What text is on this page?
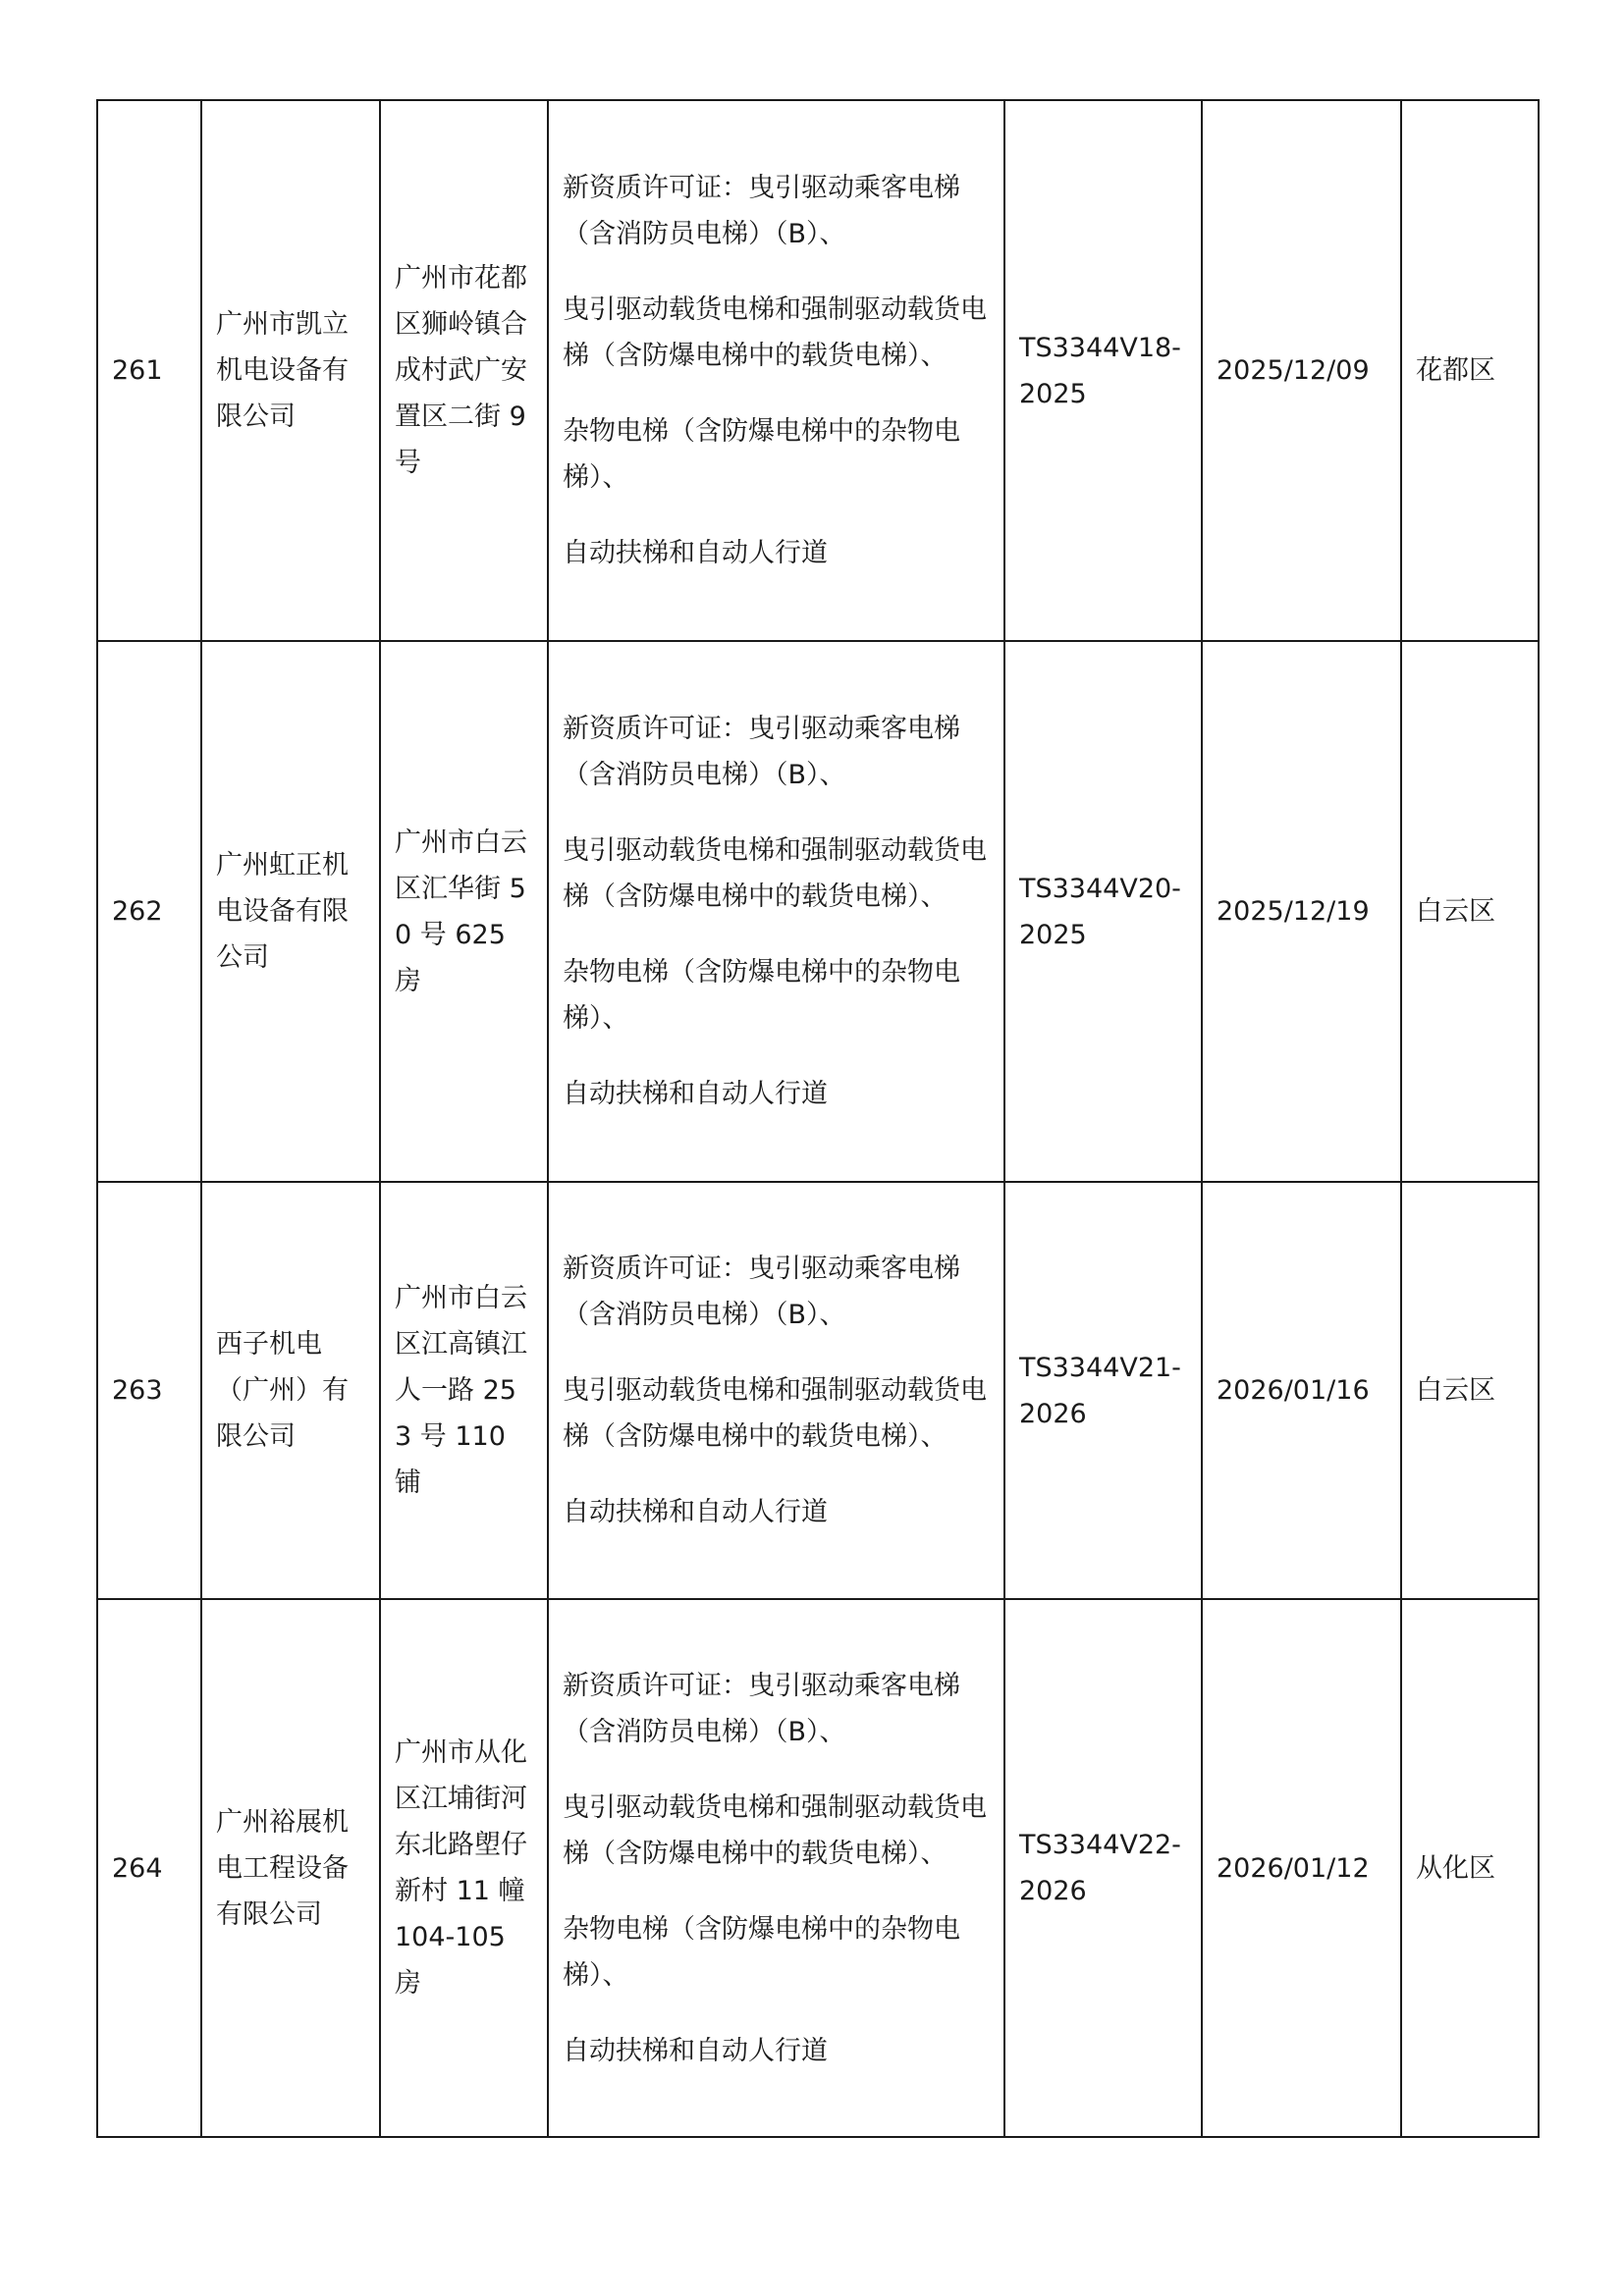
261	广州市凯立机电设备有限公司	广州市花都区狮岭镇合成村武广安置区二街 9 号	新资质许可证：曳引驱动乘客电梯（含消防员电梯）（B）、
曳引驱动载货电梯和强制驱动载货电梯（含防爆电梯中的载货电梯）、
杂物电梯（含防爆电梯中的杂物电梯）、
自动扶梯和自动人行道	TS3344V18-2025	2025/12/09	花都区
262	广州虹正机电设备有限公司	广州市白云区汇华街 50 号 625 房	新资质许可证：曳引驱动乘客电梯（含消防员电梯）（B）、
曳引驱动载货电梯和强制驱动载货电梯（含防爆电梯中的载货电梯）、
杂物电梯（含防爆电梯中的杂物电梯）、
自动扶梯和自动人行道	TS3344V20-2025	2025/12/19	白云区
263	西子机电（广州）有限公司	广州市白云区江高镇江人一路 253 号 110 铺	新资质许可证：曳引驱动乘客电梯（含消防员电梯）（B）、
曳引驱动载货电梯和强制驱动载货电梯（含防爆电梯中的载货电梯）、
自动扶梯和自动人行道	TS3344V21-2026	2026/01/16	白云区
264	广州裕展机电工程设备有限公司	广州市从化区江埔街河东北路塱仔新村 11 幢 104-105 房	新资质许可证：曳引驱动乘客电梯（含消防员电梯）（B）、
曳引驱动载货电梯和强制驱动载货电梯（含防爆电梯中的载货电梯）、
杂物电梯（含防爆电梯中的杂物电梯）、
自动扶梯和自动人行道	TS3344V22-2026	2026/01/12	从化区
